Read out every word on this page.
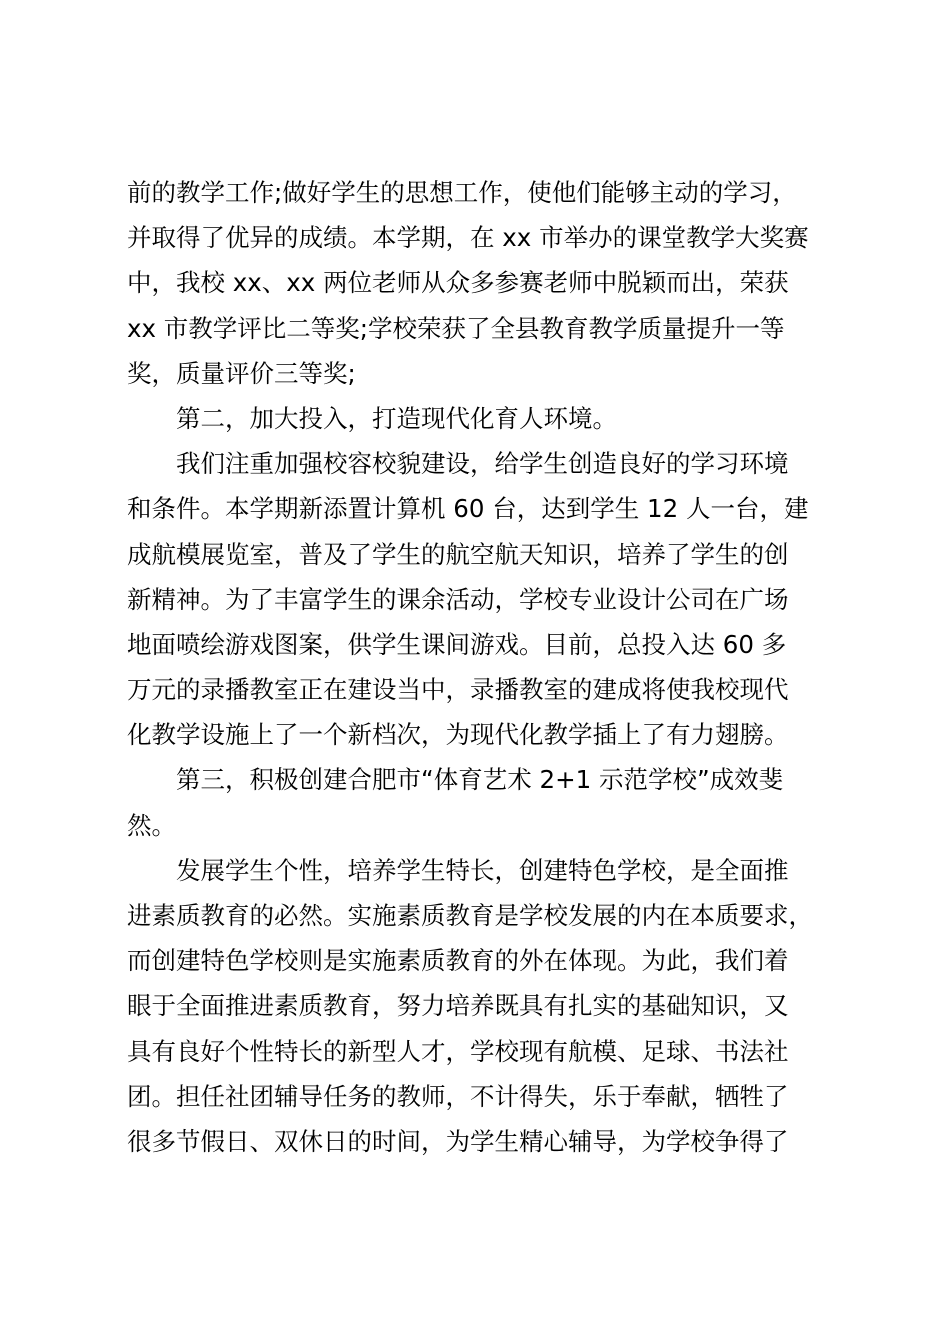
前的教学工作;做好学生的思想工作，使他们能够主动的学习，
并取得了优异的成绩。本学期，在 xx 市举办的课堂教学大奖赛
中，我校 xx、xx 两位老师从众多参赛老师中脱颖而出，荣获
xx 市教学评比二等奖;学校荣获了全县教育教学质量提升一等
奖，质量评价三等奖;
第二，加大投入，打造现代化育人环境。
我们注重加强校容校貌建设，给学生创造良好的学习环境
和条件。本学期新添置计算机 60 台，达到学生 12 人一台，建
成航模展览室，普及了学生的航空航天知识，培养了学生的创
新精神。为了丰富学生的课余活动，学校专业设计公司在广场
地面喷绘游戏图案，供学生课间游戏。目前，总投入达 60 多
万元的录播教室正在建设当中，录播教室的建成将使我校现代
化教学设施上了一个新档次，为现代化教学插上了有力翅膀。
第三，积极创建合肥市“体育艺术 2+1 示范学校”成效斐
然。
发展学生个性，培养学生特长，创建特色学校，是全面推
进素质教育的必然。实施素质教育是学校发展的内在本质要求，
而创建特色学校则是实施素质教育的外在体现。为此，我们着
眼于全面推进素质教育，努力培养既具有扎实的基础知识，又
具有良好个性特长的新型人才，学校现有航模、足球、书法社
团。担任社团辅导任务的教师，不计得失，乐于奉献，牺牲了
很多节假日、双休日的时间，为学生精心辅导，为学校争得了
